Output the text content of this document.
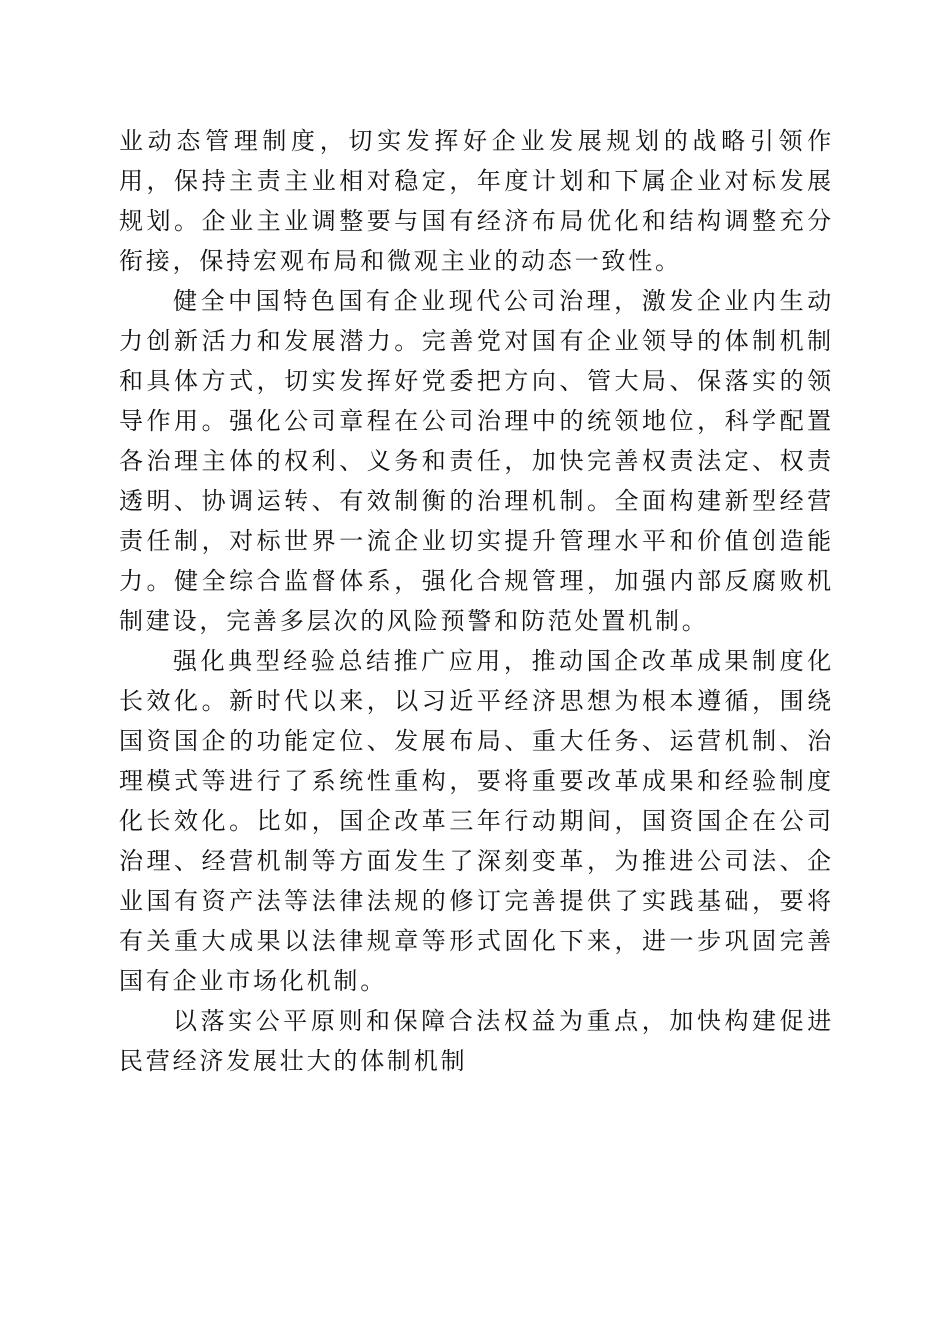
业动态管理制度，切实发挥好企业发展规划的战略引领作用，保持主责主业相对稳定，年度计划和下属企业对标发展规划。企业主业调整要与国有经济布局优化和结构调整充分衔接，保持宏观布局和微观主业的动态一致性。

健全中国特色国有企业现代公司治理，激发企业内生动力创新活力和发展潜力。完善党对国有企业领导的体制机制和具体方式，切实发挥好党委把方向、管大局、保落实的领导作用。强化公司章程在公司治理中的统领地位，科学配置各治理主体的权利、义务和责任，加快完善权责法定、权责透明、协调运转、有效制衡的治理机制。全面构建新型经营责任制，对标世界一流企业切实提升管理水平和价值创造能力。健全综合监督体系，强化合规管理，加强内部反腐败机制建设，完善多层次的风险预警和防范处置机制。

强化典型经验总结推广应用，推动国企改革成果制度化长效化。新时代以来，以习近平经济思想为根本遵循，围绕国资国企的功能定位、发展布局、重大任务、运营机制、治理模式等进行了系统性重构，要将重要改革成果和经验制度化长效化。比如，国企改革三年行动期间，国资国企在公司治理、经营机制等方面发生了深刻变革，为推进公司法、企业国有资产法等法律法规的修订完善提供了实践基础，要将有关重大成果以法律规章等形式固化下来，进一步巩固完善国有企业市场化机制。

以落实公平原则和保障合法权益为重点，加快构建促进民营经济发展壮大的体制机制
